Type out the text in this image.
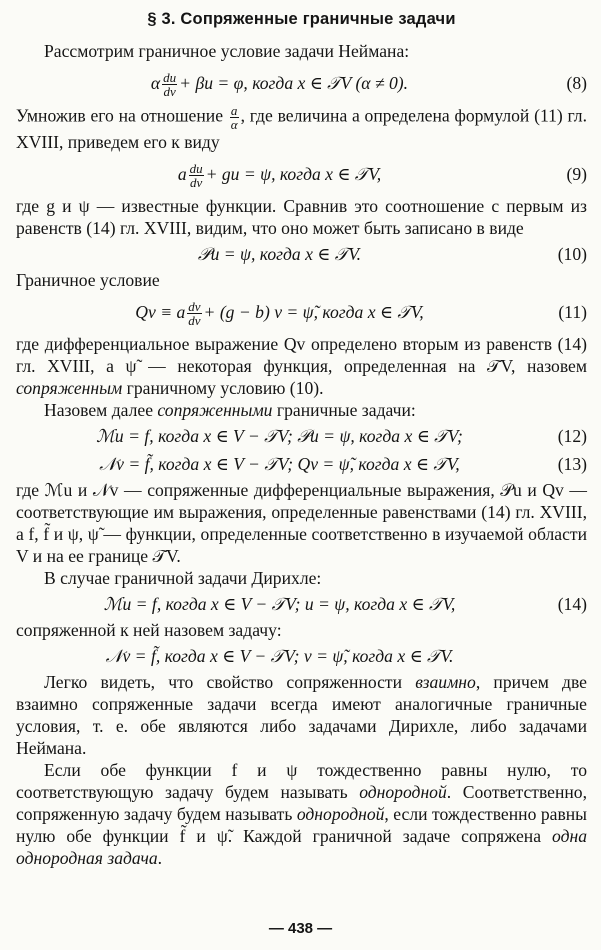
§ 3. Сопряженные граничные задачи

Рассмотрим граничное условие задачи Неймана:

α $\frac{du}{d\nu} + \beta u = \varphi$, когда x ∈ 𝒯V (α ≠ 0).	(8)

Умножив его на отношение $\frac{a}{\alpha}$ , где величина a определена формулой (11) гл. XVIII, приведем его к виду

a $\frac{du}{d\nu}$ + gu = ψ, когда x ∈ 𝒯V,	(9)

где g и ψ — известные функции. Сравнив это соотношение с первым из равенств (14) гл. XVIII, видим, что оно может быть записано в виде

𝒫u = ψ, когда x ∈ 𝒯V.	(10)

Граничное условие

Qv ≡ a $\frac{dv}{d\nu} + (g - b) v$ = ψ̃, когда x ∈ 𝒯V,	(11)

где дифференциальное выражение Qv определено вторым из равенств (14) гл. XVIII, а ψ̃ — некоторая функция, определенная на 𝒯V, назовем сопряженным граничному условию (10).

Назовем далее сопряженными граничные задачи:

ℳu = f, когда x ∈ V − 𝒯V; 𝒫u = ψ, когда x ∈ 𝒯V;	(12)
𝒩v = f̃, когда x ∈ V − 𝒯V; Qv = ψ̃, когда x ∈ 𝒯V,	(13)

где ℳu и 𝒩v — сопряженные дифференциальные выражения, 𝒫u и Qv — соответствующие им выражения, определенные равенствами (14) гл. XVIII, а f, f̃ и ψ, ψ̃ — функции, определенные соответственно в изучаемой области V и на ее границе 𝒯V.

В случае граничной задачи Дирихле:

ℳu = f, когда x ∈ V − 𝒯V; u = ψ, когда x ∈ 𝒯V,	(14)

сопряженной к ней назовем задачу:

𝒩v = f̃, когда x ∈ V − 𝒯V; v = ψ̃, когда x ∈ 𝒯V.

Легко видеть, что свойство сопряженности взаимно, причем две взаимно сопряженные задачи всегда имеют аналогичные граничные условия, т. е. обе являются либо задачами Дирихле, либо задачами Неймана.

Если обе функции f и ψ тождественно равны нулю, то соответствующую задачу будем называть однородной. Соответственно, сопряженную задачу будем называть однородной, если тождественно равны нулю обе функции f̃ и ψ̃. Каждой граничной задаче сопряжена одна однородная задача.

— 438 —
